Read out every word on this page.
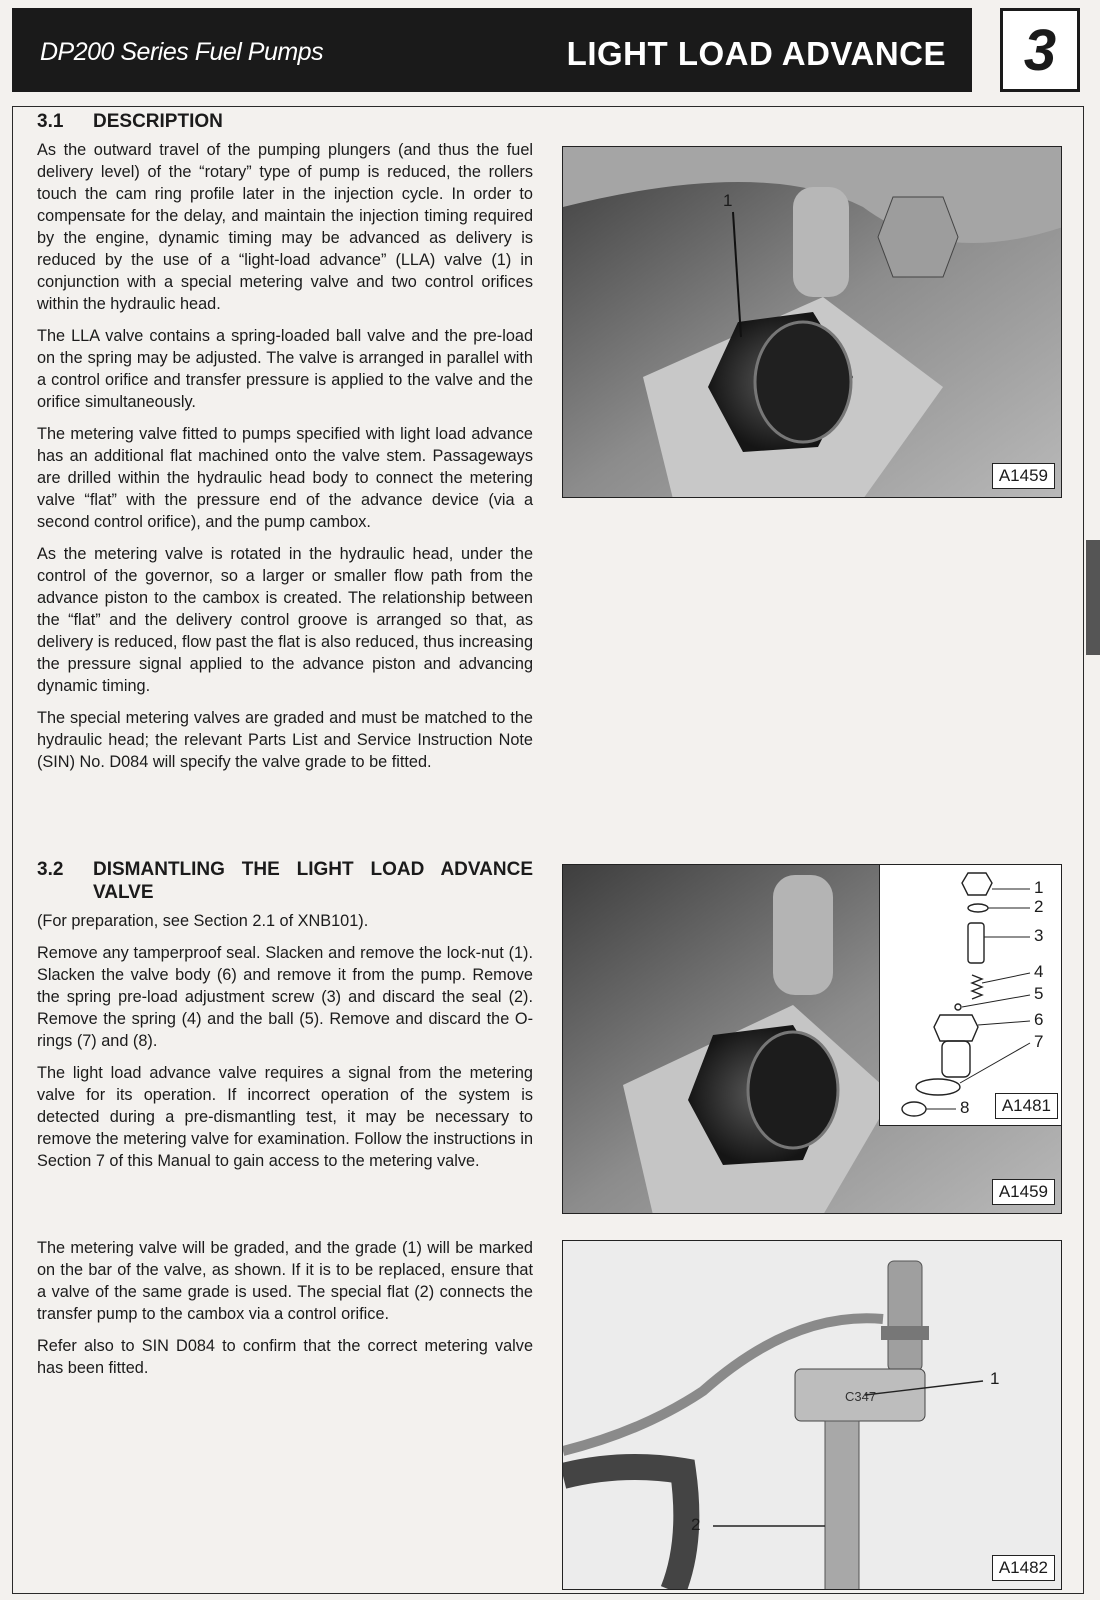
DP200 Series Fuel Pumps	LIGHT LOAD ADVANCE 3
3.1	DESCRIPTION

As the outward travel of the pumping plungers (and thus the fuel delivery level) of the “rotary” type of pump is reduced, the rollers touch the cam ring profile later in the injection cycle. In order to compensate for the delay, and maintain the injection timing required by the engine, dynamic timing may be advanced as delivery is reduced by the use of a “light-load advance” (LLA) valve (1) in conjunction with a special metering valve and two control orifices within the hydraulic head.

The LLA valve contains a spring-loaded ball valve and the pre-load on the spring may be adjusted. The valve is arranged in parallel with a control orifice and transfer pressure is applied to the valve and the orifice simultaneously.

The metering valve fitted to pumps specified with light load advance has an additional flat machined onto the valve stem. Passageways are drilled within the hydraulic head body to connect the metering valve “flat” with the pressure end of the advance device (via a second control orifice), and the pump cambox.

As the metering valve is rotated in the hydraulic head, under the control of the governor, so a larger or smaller flow path from the advance piston to the cambox is created. The relationship between the “flat” and the delivery control groove is arranged so that, as delivery is reduced, flow past the flat is also reduced, thus increasing the pressure signal applied to the advance piston and advancing dynamic timing.

The special metering valves are graded and must be matched to the hydraulic head; the relevant Parts List and Service Instruction Note (SIN) No. D084 will specify the valve grade to be fitted.

3.2	DISMANTLING THE LIGHT LOAD ADVANCE VALVE

(For preparation, see Section 2.1 of XNB101).

Remove any tamperproof seal. Slacken and remove the lock-nut (1). Slacken the valve body (6) and remove it from the pump. Remove the spring pre-load adjustment screw (3) and discard the seal (2). Remove the spring (4) and the ball (5). Remove and discard the O-rings (7) and (8).

The light load advance valve requires a signal from the metering valve for its operation. If incorrect operation of the system is detected during a pre-dismantling test, it may be necessary to remove the metering valve for examination. Follow the instructions in Section 7 of this Manual to gain access to the metering valve.

The metering valve will be graded, and the grade (1) will be marked on the bar of the valve, as shown. If it is to be replaced, ensure that a valve of the same grade is used. The special flat (2) connects the transfer pump to the cambox via a control orifice.

Refer also to SIN D084 to confirm that the correct metering valve has been fitted.

1
A1459
1
2
3
4
5
6
7
8	A1481
A1459
C347
1
2
A1482
